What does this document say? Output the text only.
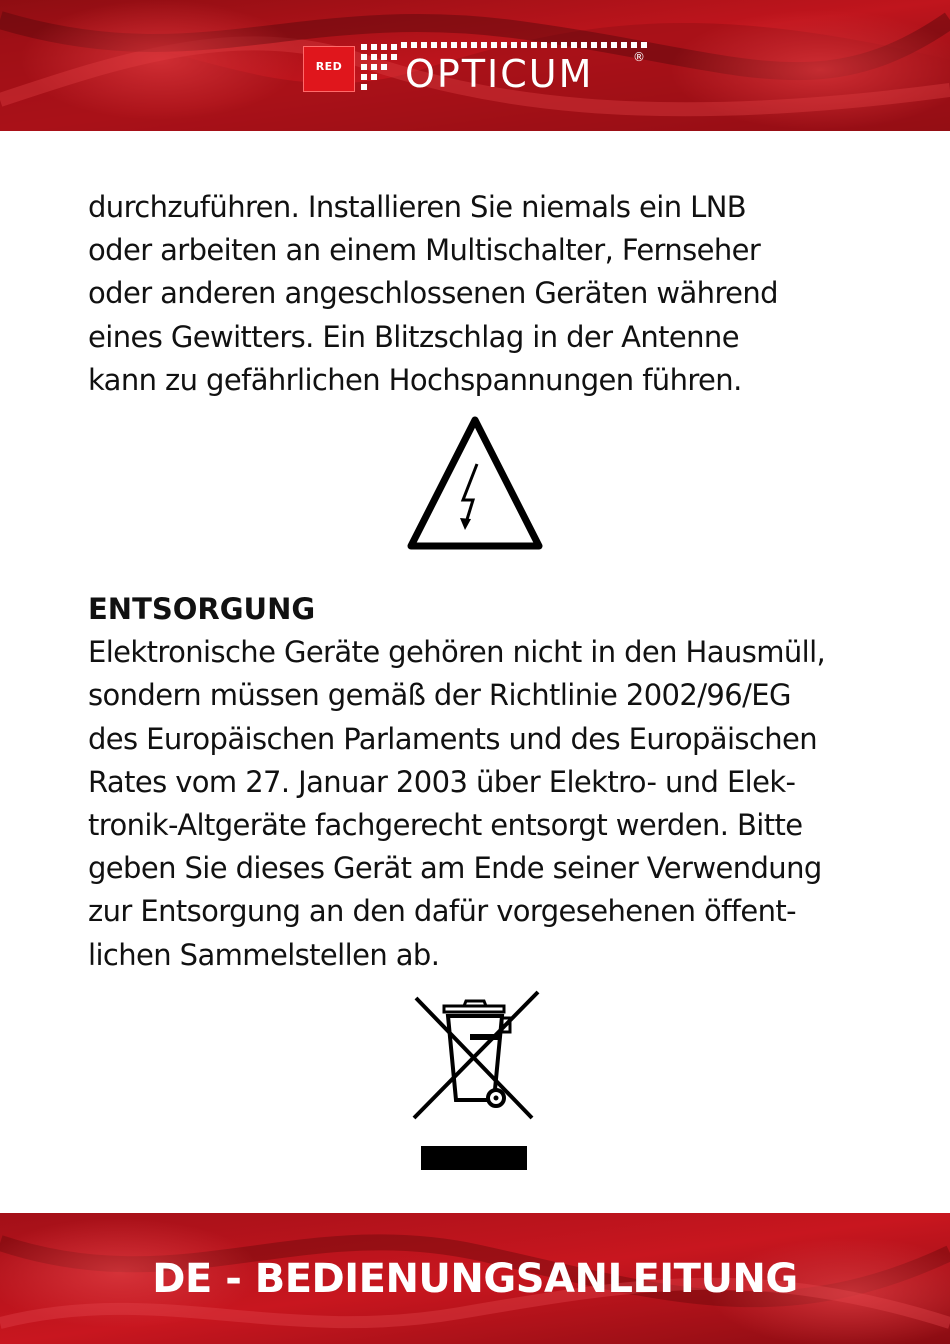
RED	OPTICUM	®

durchzuführen. Installieren Sie niemals ein LNB

oder arbeiten an einem Multischalter, Fernseher

oder anderen angeschlossenen Geräten während

eines Gewitters. Ein Blitzschlag in der Antenne

kann zu gefährlichen Hochspannungen führen.

ENTSORGUNG

Elektronische Geräte gehören nicht in den Hausmüll,

sondern müssen gemäß der Richtlinie 2002/96/EG

des Europäischen Parlaments und des Europäischen

Rates vom 27. Januar 2003 über Elektro- und Elek-

tronik-Altgeräte fachgerecht entsorgt werden. Bitte

geben Sie dieses Gerät am Ende seiner Verwendung

zur Entsorgung an den dafür vorgesehenen öffent-

lichen Sammelstellen ab.

DE - BEDIENUNGSANLEITUNG
